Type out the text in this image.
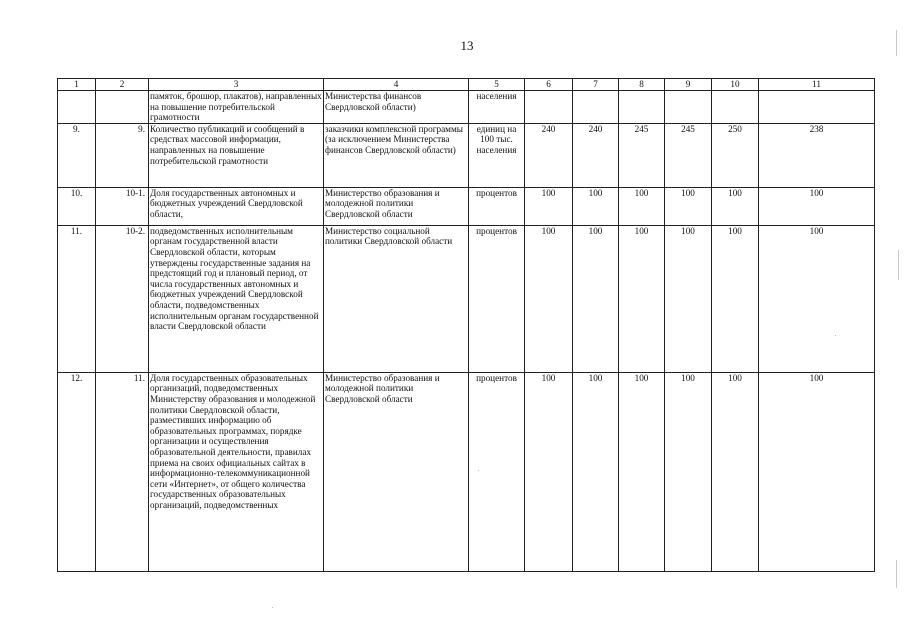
13
1	2	3	4	5	6	7	8	9	10	11
		памяток, брошюр, плакатов), направленных на повышение потребительской грамотности	Министерства финансов Свердловской области)	населения						
9.	9.	Количество публикаций и сообщений в средствах массовой информации, направленных на повышение потребительской грамотности	заказчики комплексной программы (за исключением Министерства финансов Свердловской области)	единиц на 100 тыс. населения	240	240	245	245	250	238
10.	10-1.	Доля государственных автономных и бюджетных учреждений Свердловской области,	Министерство образования и молодежной политики Свердловской области	процентов	100	100	100	100	100	100
11.	10-2.	подведомственных исполнительным органам государственной власти Свердловской области, которым утверждены государственные задания на предстоящий год и плановый период, от числа государственных автономных и бюджетных учреждений Свердловской области, подведомственных исполнительным органам государственной власти Свердловской области	Министерство социальной политики Свердловской области	процентов	100	100	100	100	100	100
12.	11.	Доля государственных образовательных организаций, подведомственных Министерству образования и молодежной политики Свердловской области, разместивших информацию об образовательных программах, порядке организации и осуществления образовательной деятельности, правилах приема на своих официальных сайтах в информационно-телекоммуникационной сети «Интернет», от общего количества государственных образовательных организаций, подведомственных	Министерство образования и молодежной политики Свердловской области	процентов	100	100	100	100	100	100
